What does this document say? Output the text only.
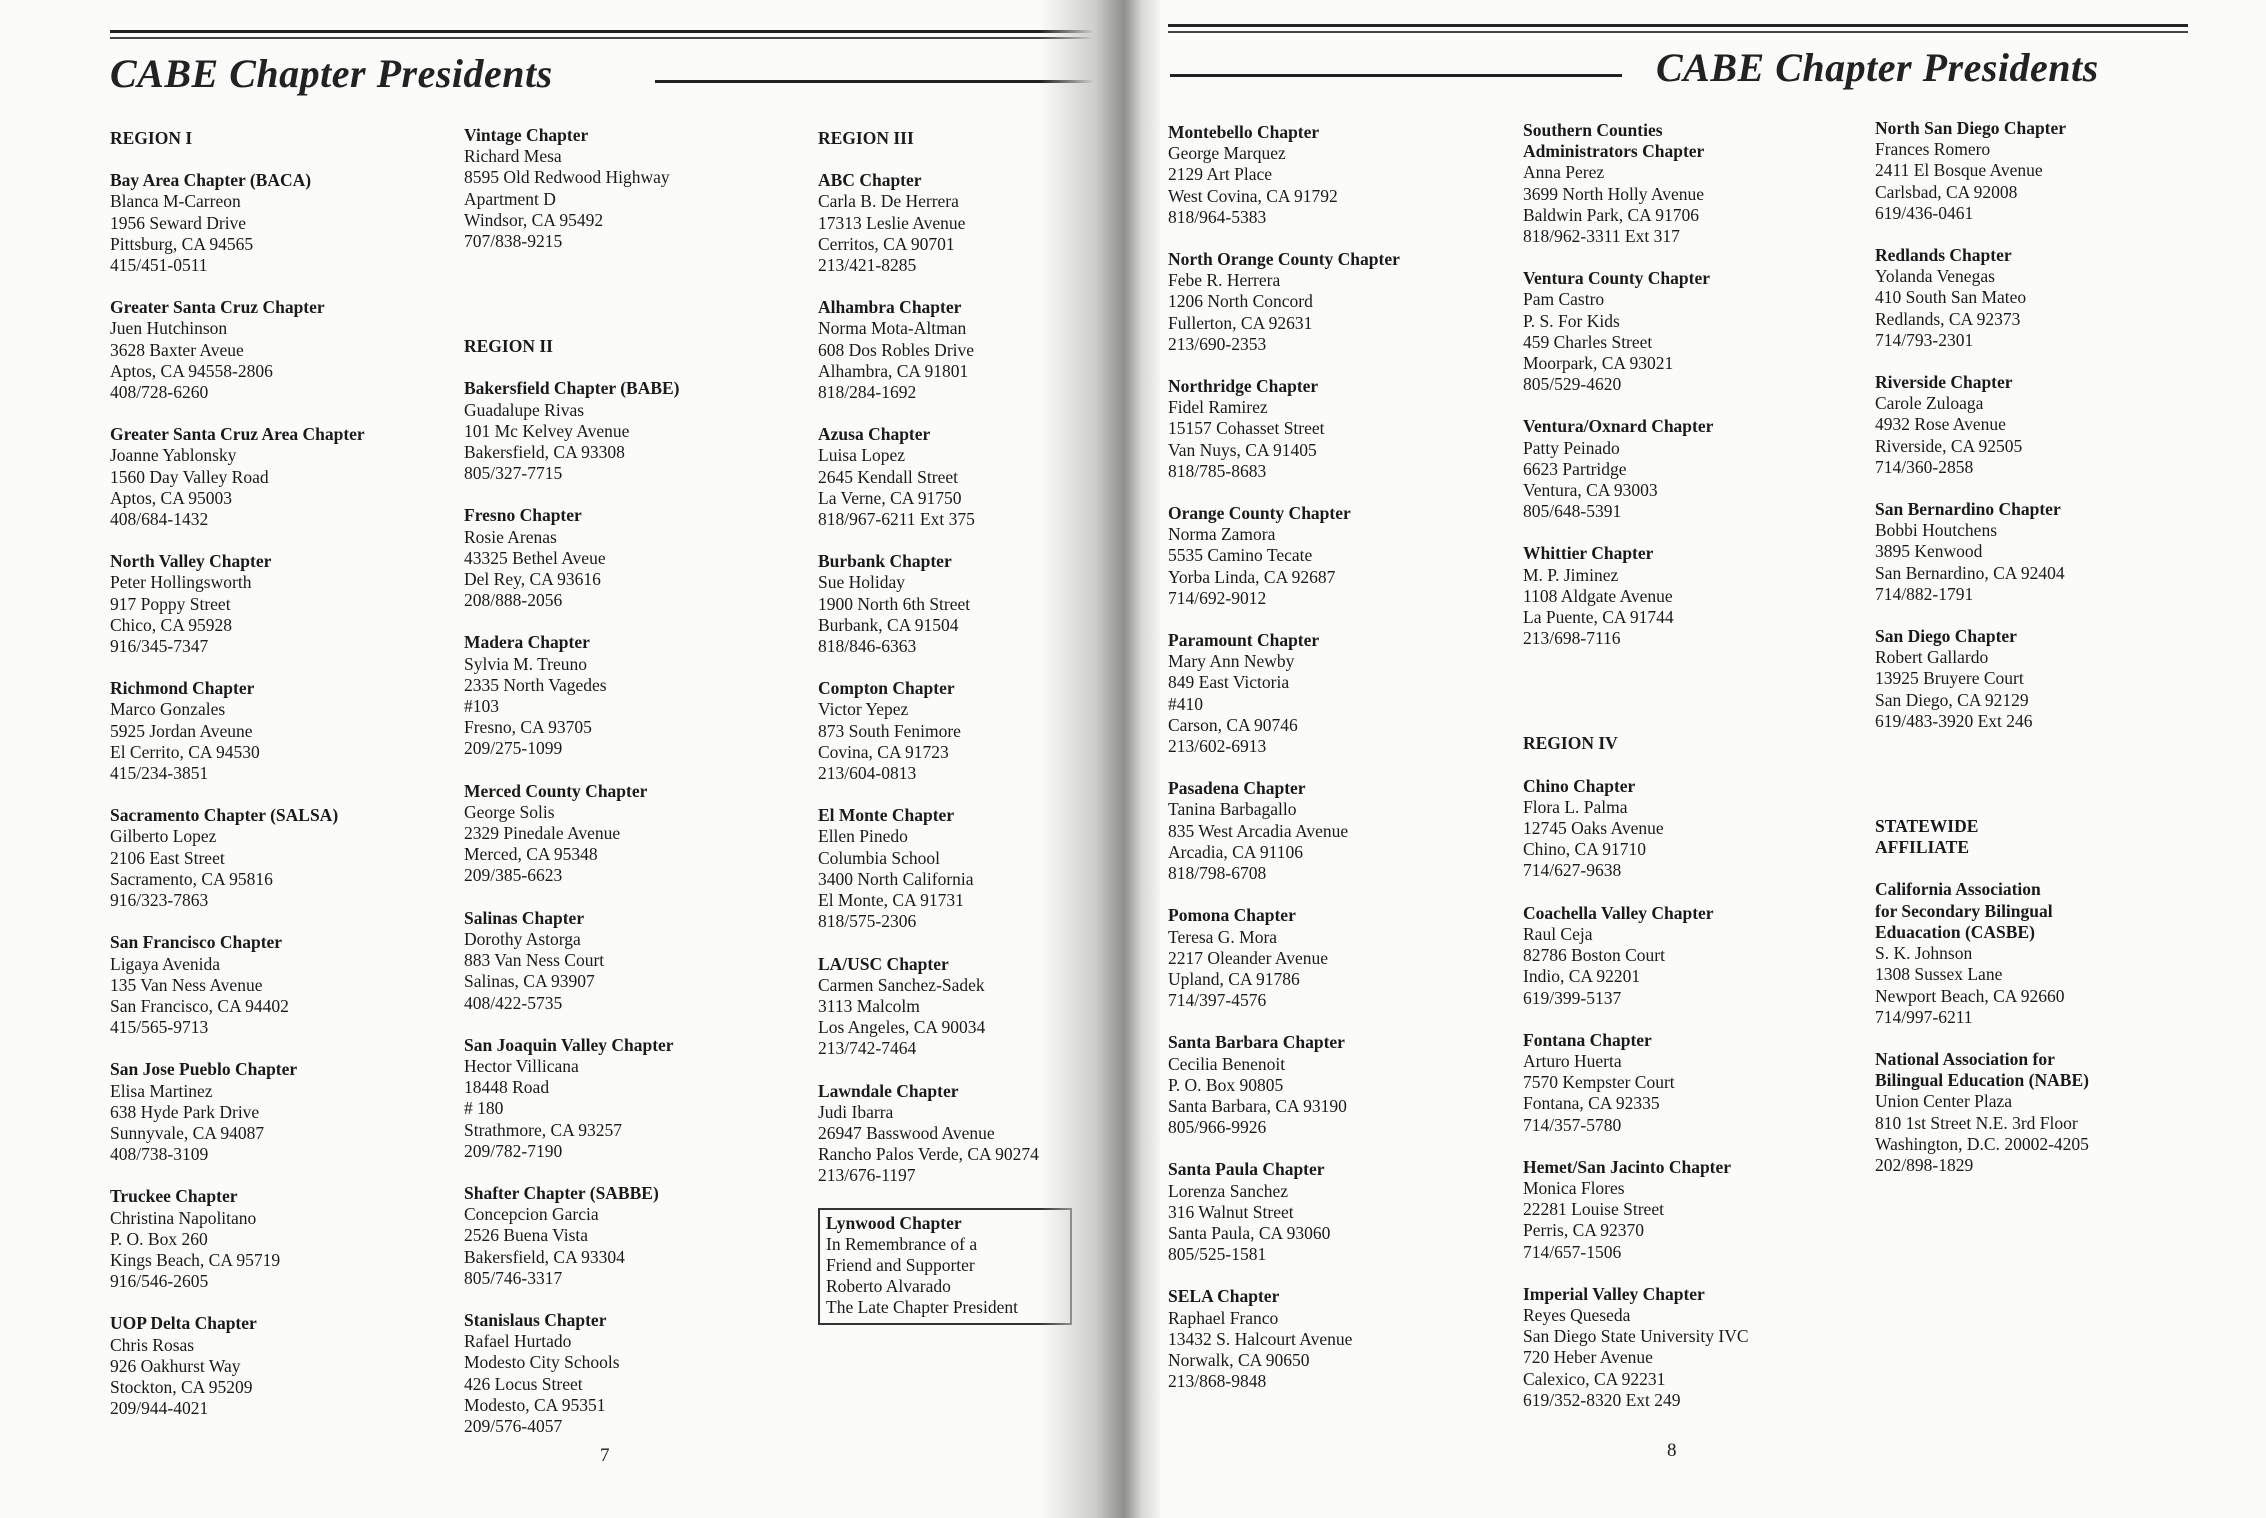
CABE Chapter Presidents
REGION I
Bay Area Chapter (BACA)
Blanca M-Carreon
1956 Seward Drive
Pittsburg, CA 94565
415/451-0511
Greater Santa Cruz Chapter
Juen Hutchinson
3628 Baxter Aveue
Aptos, CA 94558-2806
408/728-6260
Greater Santa Cruz Area Chapter
Joanne Yablonsky
1560 Day Valley Road
Aptos, CA 95003
408/684-1432
North Valley Chapter
Peter Hollingsworth
917 Poppy Street
Chico, CA 95928
916/345-7347
Richmond Chapter
Marco Gonzales
5925 Jordan Aveune
El Cerrito, CA 94530
415/234-3851
Sacramento Chapter (SALSA)
Gilberto Lopez
2106 East Street
Sacramento, CA 95816
916/323-7863
San Francisco Chapter
Ligaya Avenida
135 Van Ness Avenue
San Francisco, CA 94402
415/565-9713
San Jose Pueblo Chapter
Elisa Martinez
638 Hyde Park Drive
Sunnyvale, CA 94087
408/738-3109
Truckee Chapter
Christina Napolitano
P. O. Box 260
Kings Beach, CA 95719
916/546-2605
UOP Delta Chapter
Chris Rosas
926 Oakhurst Way
Stockton, CA 95209
209/944-4021
Vintage Chapter
Richard Mesa
8595 Old Redwood Highway
Apartment D
Windsor, CA 95492
707/838-9215
REGION II
Bakersfield Chapter (BABE)
Guadalupe Rivas
101 Mc Kelvey Avenue
Bakersfield, CA 93308
805/327-7715
Fresno Chapter
Rosie Arenas
43325 Bethel Aveue
Del Rey, CA 93616
208/888-2056
Madera Chapter
Sylvia M. Treuno
2335 North Vagedes
#103
Fresno, CA 93705
209/275-1099
Merced County Chapter
George Solis
2329 Pinedale Avenue
Merced, CA 95348
209/385-6623
Salinas Chapter
Dorothy Astorga
883 Van Ness Court
Salinas, CA 93907
408/422-5735
San Joaquin Valley Chapter
Hector Villicana
18448 Road
# 180
Strathmore, CA 93257
209/782-7190
Shafter Chapter (SABBE)
Concepcion Garcia
2526 Buena Vista
Bakersfield, CA 93304
805/746-3317
Stanislaus Chapter
Rafael Hurtado
Modesto City Schools
426 Locus Street
Modesto, CA 95351
209/576-4057
REGION III
ABC Chapter
Carla B. De Herrera
17313 Leslie Avenue
Cerritos, CA 90701
213/421-8285
Alhambra Chapter
Norma Mota-Altman
608 Dos Robles Drive
Alhambra, CA 91801
818/284-1692
Azusa Chapter
Luisa Lopez
2645 Kendall Street
La Verne, CA 91750
818/967-6211 Ext 375
Burbank Chapter
Sue Holiday
1900 North 6th Street
Burbank, CA 91504
818/846-6363
Compton Chapter
Victor Yepez
873 South Fenimore
Covina, CA 91723
213/604-0813
El Monte Chapter
Ellen Pinedo
Columbia School
3400 North California
El Monte, CA 91731
818/575-2306
LA/USC Chapter
Carmen Sanchez-Sadek
3113 Malcolm
Los Angeles, CA 90034
213/742-7464
Lawndale Chapter
Judi Ibarra
26947 Basswood Avenue
Rancho Palos Verde, CA 90274
213/676-1197
Lynwood Chapter
In Remembrance of a
Friend and Supporter
Roberto Alvarado
The Late Chapter President
7
CABE Chapter Presidents
Montebello Chapter
George Marquez
2129 Art Place
West Covina, CA 91792
818/964-5383
North Orange County Chapter
Febe R. Herrera
1206 North Concord
Fullerton, CA 92631
213/690-2353
Northridge Chapter
Fidel Ramirez
15157 Cohasset Street
Van Nuys, CA 91405
818/785-8683
Orange County Chapter
Norma Zamora
5535 Camino Tecate
Yorba Linda, CA 92687
714/692-9012
Paramount Chapter
Mary Ann Newby
849 East Victoria
#410
Carson, CA 90746
213/602-6913
Pasadena Chapter
Tanina Barbagallo
835 West Arcadia Avenue
Arcadia, CA 91106
818/798-6708
Pomona Chapter
Teresa G. Mora
2217 Oleander Avenue
Upland, CA 91786
714/397-4576
Santa Barbara Chapter
Cecilia Benenoit
P. O. Box 90805
Santa Barbara, CA 93190
805/966-9926
Santa Paula Chapter
Lorenza Sanchez
316 Walnut Street
Santa Paula, CA 93060
805/525-1581
SELA Chapter
Raphael Franco
13432 S. Halcourt Avenue
Norwalk, CA 90650
213/868-9848
Southern Counties
Administrators Chapter
Anna Perez
3699 North Holly Avenue
Baldwin Park, CA 91706
818/962-3311 Ext 317
Ventura County Chapter
Pam Castro
P. S. For Kids
459 Charles Street
Moorpark, CA 93021
805/529-4620
Ventura/Oxnard Chapter
Patty Peinado
6623 Partridge
Ventura, CA 93003
805/648-5391
Whittier Chapter
M. P. Jiminez
1108 Aldgate Avenue
La Puente, CA 91744
213/698-7116
REGION IV
Chino Chapter
Flora L. Palma
12745 Oaks Avenue
Chino, CA 91710
714/627-9638
Coachella Valley Chapter
Raul Ceja
82786 Boston Court
Indio, CA 92201
619/399-5137
Fontana Chapter
Arturo Huerta
7570 Kempster Court
Fontana, CA 92335
714/357-5780
Hemet/San Jacinto Chapter
Monica Flores
22281 Louise Street
Perris, CA 92370
714/657-1506
Imperial Valley Chapter
Reyes Queseda
San Diego State University IVC
720 Heber Avenue
Calexico, CA 92231
619/352-8320 Ext 249
North San Diego Chapter
Frances Romero
2411 El Bosque Avenue
Carlsbad, CA 92008
619/436-0461
Redlands Chapter
Yolanda Venegas
410 South San Mateo
Redlands, CA 92373
714/793-2301
Riverside Chapter
Carole Zuloaga
4932 Rose Avenue
Riverside, CA 92505
714/360-2858
San Bernardino Chapter
Bobbi Houtchens
3895 Kenwood
San Bernardino, CA 92404
714/882-1791
San Diego Chapter
Robert Gallardo
13925 Bruyere Court
San Diego, CA 92129
619/483-3920 Ext 246
STATEWIDE
AFFILIATE
California Association
for Secondary Bilingual
Eduacation (CASBE)
S. K. Johnson
1308 Sussex Lane
Newport Beach, CA 92660
714/997-6211
National Association for
Bilingual Education (NABE)
Union Center Plaza
810 1st Street N.E. 3rd Floor
Washington, D.C. 20002-4205
202/898-1829
8
